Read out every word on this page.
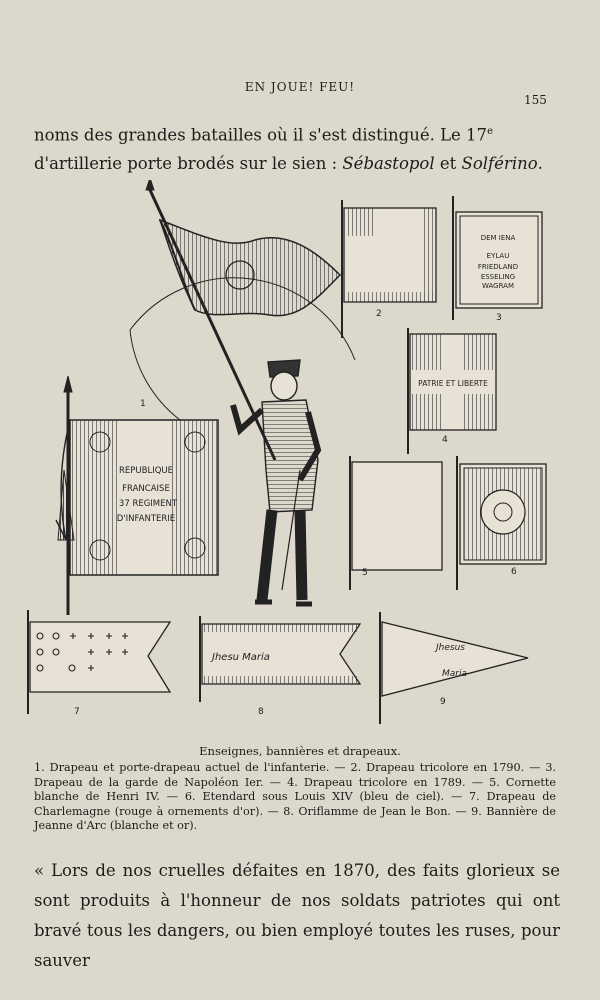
EN JOUE! FEU!
155

noms des grandes batailles où il s'est distingué. Le 17e d'artillerie porte brodés sur le sien : Sébastopol et Solférino.

1
REPUBLIQUE
FRANCAISE
37 REGIMENT
D'INFANTERIE
2
DEM IENA
EYLAU
FRIEDLAND
ESSELING
WAGRAM
3
PATRIE ET LIBERTE
4
5	6
7
Jhesu Maria
8
Jhesus
Maria
9
Enseignes, bannières et drapeaux.
1. Drapeau et porte-drapeau actuel de l'infanterie. — 2. Drapeau tricolore en 1790. — 3. Drapeau de la garde de Napoléon Ier. — 4. Drapeau tricolore en 1789. — 5. Cornette blanche de Henri IV. — 6. Etendard sous Louis XIV (bleu de ciel). — 7. Drapeau de Charlemagne (rouge à ornements d'or). — 8. Oriflamme de Jean le Bon. — 9. Bannière de Jeanne d'Arc (blanche et or).

« Lors de nos cruelles défaites en 1870, des faits glorieux se sont produits à l'honneur de nos soldats patriotes qui ont bravé tous les dangers, ou bien employé toutes les ruses, pour sauver
